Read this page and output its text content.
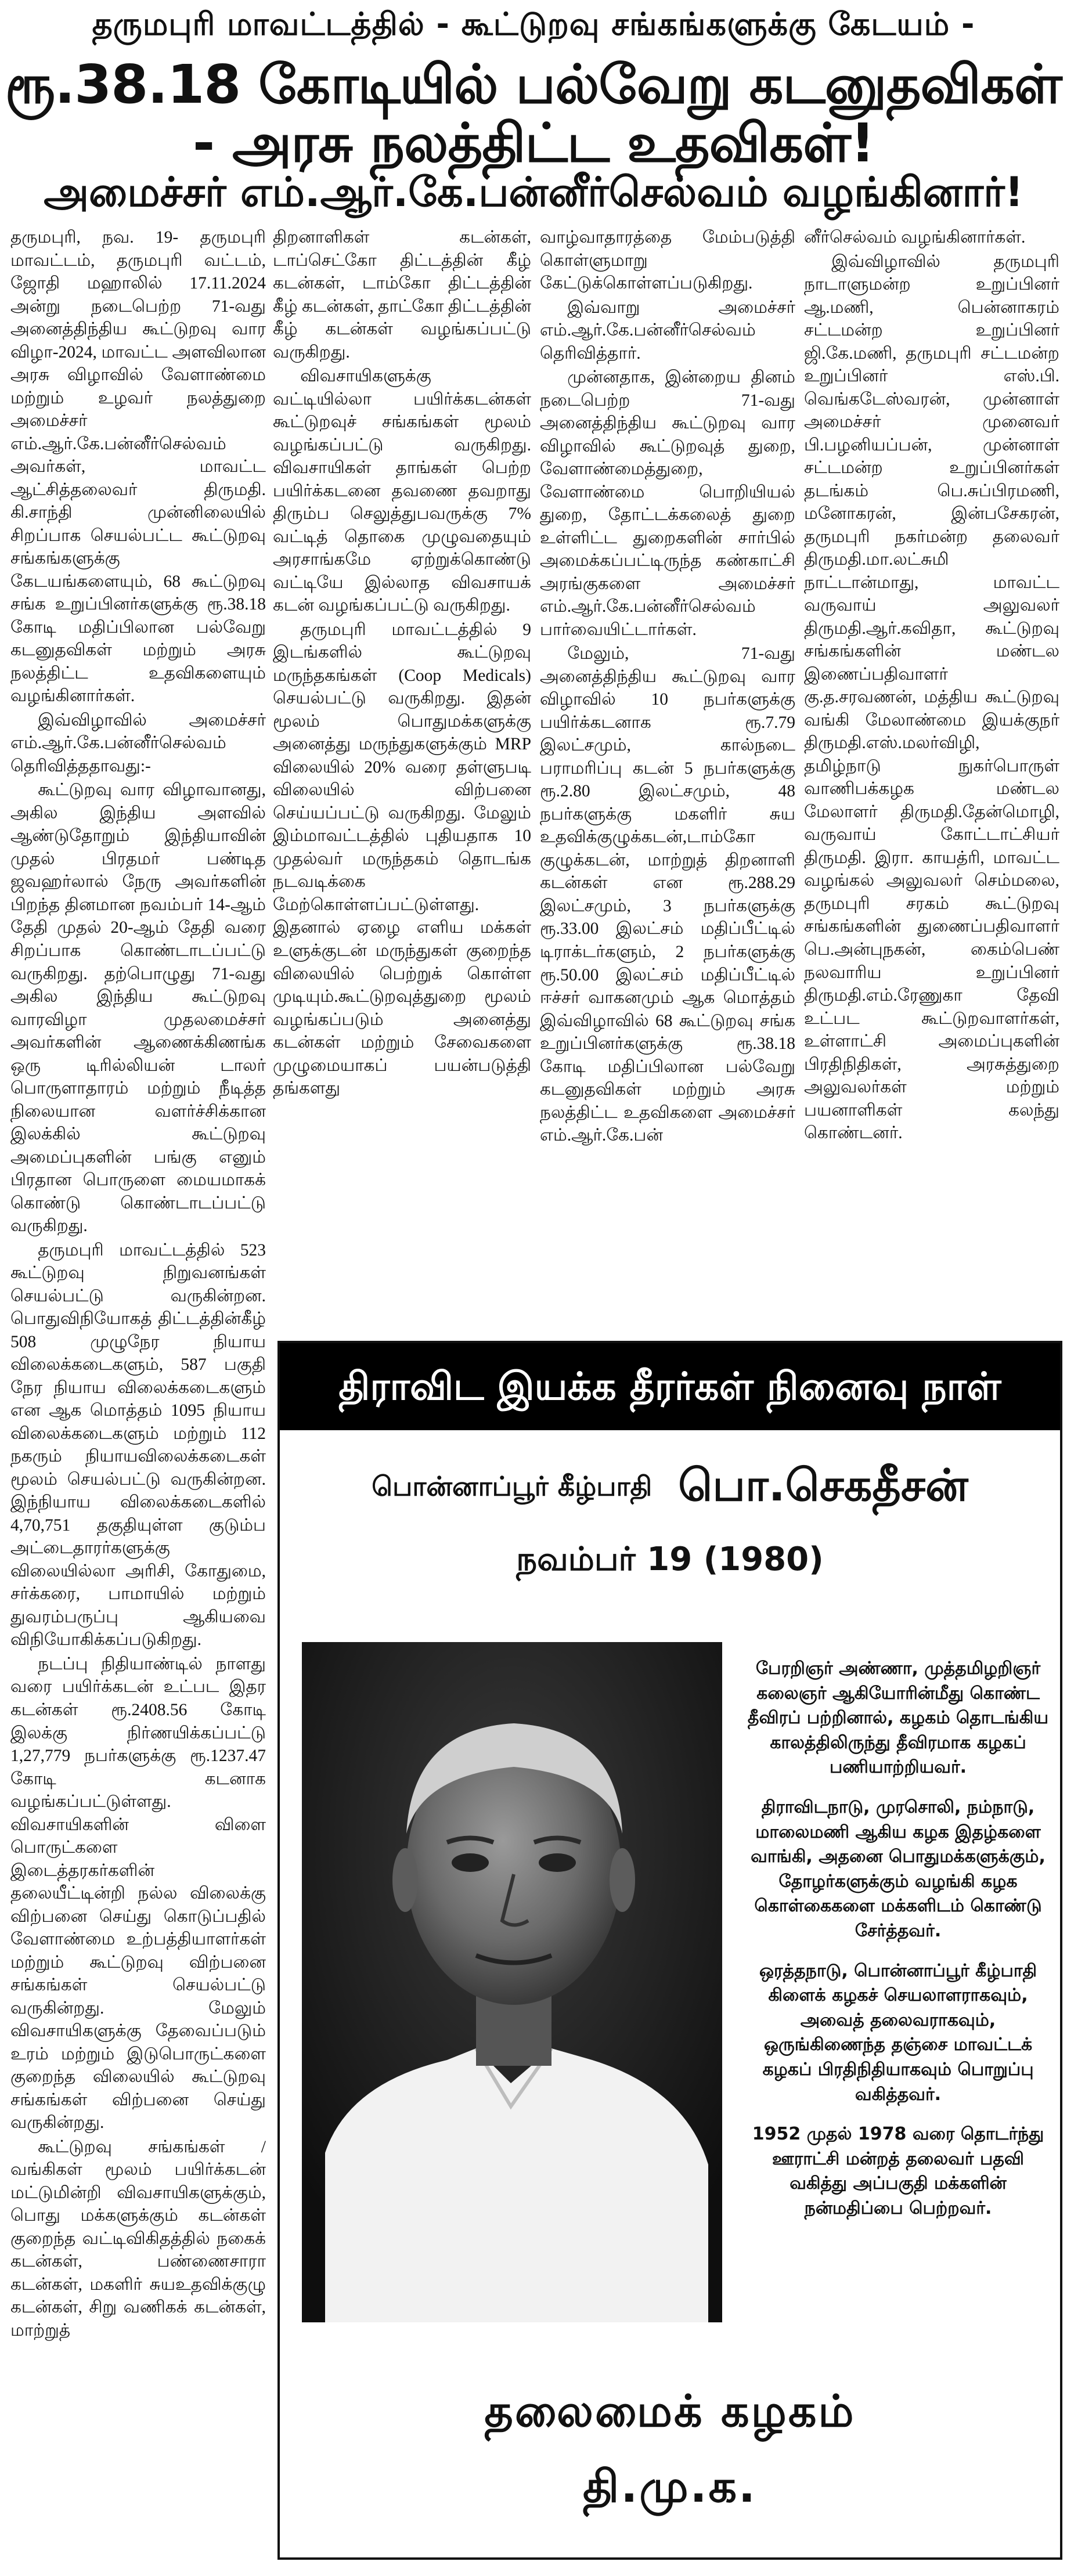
தருமபுரி மாவட்டத்தில் - கூட்டுறவு சங்கங்களுக்கு கேடயம் -
ரூ.38.18 கோடியில் பல்வேறு கடனுதவிகள் - அரசு நலத்திட்ட உதவிகள்!
அமைச்சர் எம்.ஆர்.கே.பன்னீர்செல்வம் வழங்கினார்!

தருமபுரி, நவ. 19- தருமபுரி மாவட்டம், தருமபுரி வட்டம், ஜோதி மஹாலில் 17.11.2024 அன்று நடைபெற்ற 71-வது அனைத்திந்திய கூட்டுறவு வார விழா-2024, மாவட்ட அளவிலான அரசு விழாவில் வேளாண்மை மற்றும் உழவர் நலத்துறை அமைச்சர் எம்.ஆர்.கே.பன்னீர்செல்வம் அவர்கள், மாவட்ட ஆட்சித்தலைவர் திருமதி. கி.சாந்தி முன்னிலையில் சிறப்பாக செயல்பட்ட கூட்டுறவு சங்கங்களுக்கு கேடயங்களையும், 68 கூட்டுறவு சங்க உறுப்பினர்களுக்கு ரூ.38.18 கோடி மதிப்பிலான பல்வேறு கடனுதவிகள் மற்றும் அரசு நலத்திட்ட உதவிகளையும் வழங்கினார்கள்.

இவ்விழாவில் அமைச்சர் எம்.ஆர்.கே.பன்னீர்செல்வம் தெரிவித்ததாவது:-

கூட்டுறவு வார விழாவானது, அகில இந்திய அளவில் ஆண்டுதோறும் இந்தியாவின் முதல் பிரதமர் பண்டித ஜவஹர்லால் நேரு அவர்களின் பிறந்த தினமான நவம்பர் 14-ஆம் தேதி முதல் 20-ஆம் தேதி வரை சிறப்பாக கொண்டாடப்பட்டு வருகிறது. தற்பொழுது 71-வது அகில இந்திய கூட்டுறவு வாரவிழா முதலமைச்சர் அவர்களின் ஆணைக்கிணங்க ஒரு டிரில்லியன் டாலர் பொருளாதாரம் மற்றும் நீடித்த நிலையான வளர்ச்சிக்கான இலக்கில் கூட்டுறவு அமைப்புகளின் பங்கு எனும் பிரதான பொருளை மையமாகக் கொண்டு கொண்டாடப்பட்டு வருகிறது.

தருமபுரி மாவட்டத்தில் 523 கூட்டுறவு நிறுவனங்கள் செயல்பட்டு வருகின்றன. பொதுவிநியோகத் திட்டத்தின்கீழ் 508 முழுநேர நியாய விலைக்கடைகளும், 587 பகுதி நேர நியாய விலைக்கடைகளும் என ஆக மொத்தம் 1095 நியாய விலைக்கடைகளும் மற்றும் 112 நகரும் நியாயவிலைக்கடைகள் மூலம் செயல்பட்டு வருகின்றன. இந்நியாய விலைக்கடைகளில் 4,70,751 தகுதியுள்ள குடும்ப அட்டைதாரர்களுக்கு விலையில்லா அரிசி, கோதுமை, சர்க்கரை, பாமாயில் மற்றும் துவரம்பருப்பு ஆகியவை விநியோகிக்கப்படுகிறது.

நடப்பு நிதியாண்டில் நாளது வரை பயிர்க்கடன் உட்பட இதர கடன்கள் ரூ.2408.56 கோடி இலக்கு நிர்ணயிக்கப்பட்டு 1,27,779 நபர்களுக்கு ரூ.1237.47 கோடி கடனாக வழங்கப்பட்டுள்ளது. விவசாயிகளின் விளை பொருட்களை இடைத்தரகர்களின் தலையீட்டின்றி நல்ல விலைக்கு விற்பனை செய்து கொடுப்பதில் வேளாண்மை உற்பத்தியாளர்கள் மற்றும் கூட்டுறவு விற்பனை சங்கங்கள் செயல்பட்டு வருகின்றது. மேலும் விவசாயிகளுக்கு தேவைப்படும் உரம் மற்றும் இடுபொருட்களை குறைந்த விலையில் கூட்டுறவு சங்கங்கள் விற்பனை செய்து வருகின்றது.

கூட்டுறவு சங்கங்கள் / வங்கிகள் மூலம் பயிர்க்கடன் மட்டுமின்றி விவசாயிகளுக்கும், பொது மக்களுக்கும் கடன்கள் குறைந்த வட்டிவிகிதத்தில் நகைக் கடன்கள், பண்ணைசாரா கடன்கள், மகளிர் சுயஉதவிக்குழு கடன்கள், சிறு வணிகக் கடன்கள், மாற்றுத்

திறனாளிகள் கடன்கள், டாப்செட்கோ திட்டத்தின் கீழ் கடன்கள், டாம்கோ திட்டத்தின் கீழ் கடன்கள், தாட்கோ திட்டத்தின் கீழ் கடன்கள் வழங்கப்பட்டு வருகிறது.

விவசாயிகளுக்கு வட்டியில்லா பயிர்க்கடன்கள் கூட்டுறவுச் சங்கங்கள் மூலம் வழங்கப்பட்டு வருகிறது. விவசாயிகள் தாங்கள் பெற்ற பயிர்க்கடனை தவணை தவறாது திரும்ப செலுத்துபவருக்கு 7% வட்டித் தொகை முழுவதையும் அரசாங்கமே ஏற்றுக்கொண்டு வட்டியே இல்லாத விவசாயக் கடன் வழங்கப்பட்டு வருகிறது.

தருமபுரி மாவட்டத்தில் 9 இடங்களில் கூட்டுறவு மருந்தகங்கள் (Coop Medicals) செயல்பட்டு வருகிறது. இதன் மூலம் பொதுமக்களுக்கு அனைத்து மருந்துகளுக்கும் MRP விலையில் 20% வரை தள்ளுபடி விலையில் விற்பனை செய்யப்பட்டு வருகிறது. மேலும் இம்மாவட்டத்தில் புதியதாக 10 முதல்வர் மருந்தகம் தொடங்க நடவடிக்கை மேற்கொள்ளப்பட்டுள்ளது. இதனால் ஏழை எளிய மக்கள் உளுக்குடன் மருந்துகள் குறைந்த விலையில் பெற்றுக் கொள்ள முடியும்.கூட்டுறவுத்துறை மூலம் வழங்கப்படும் அனைத்து கடன்கள் மற்றும் சேவைகளை முழுமையாகப் பயன்படுத்தி தங்களது

வாழ்வாதாரத்தை மேம்படுத்தி கொள்ளுமாறு கேட்டுக்கொள்ளப்படுகிறது.

இவ்வாறு அமைச்சர் எம்.ஆர்.கே.பன்னீர்செல்வம் தெரிவித்தார்.

முன்னதாக, இன்றைய தினம் நடைபெற்ற 71-வது அனைத்திந்திய கூட்டுறவு வார விழாவில் கூட்டுறவுத் துறை, வேளாண்மைத்துறை, வேளாண்மை பொறியியல் துறை, தோட்டக்கலைத் துறை உள்ளிட்ட துறைகளின் சார்பில் அமைக்கப்பட்டிருந்த கண்காட்சி அரங்குகளை அமைச்சர் எம்.ஆர்.கே.பன்னீர்செல்வம் பார்வையிட்டார்கள்.

மேலும், 71-வது அனைத்திந்திய கூட்டுறவு வார விழாவில் 10 நபர்களுக்கு பயிர்க்கடனாக ரூ.7.79 இலட்சமும், கால்நடை பராமரிப்பு கடன் 5 நபர்களுக்கு ரூ.2.80 இலட்சமும், 48 நபர்களுக்கு மகளிர் சுய உதவிக்குழுக்கடன்,டாம்கோ குழுக்கடன், மாற்றுத் திறனாளி கடன்கள் என ரூ.288.29 இலட்சமும், 3 நபர்களுக்கு ரூ.33.00 இலட்சம் மதிப்பீட்டில் டிராக்டர்களும், 2 நபர்களுக்கு ரூ.50.00 இலட்சம் மதிப்பீட்டில் ஈச்சர் வாகனமும் ஆக மொத்தம் இவ்விழாவில் 68 கூட்டுறவு சங்க உறுப்பினர்களுக்கு ரூ.38.18 கோடி மதிப்பிலான பல்வேறு கடனுதவிகள் மற்றும் அரசு நலத்திட்ட உதவிகளை அமைச்சர் எம்.ஆர்.கே.பன்

னீர்செல்வம் வழங்கினார்கள்.

இவ்விழாவில் தருமபுரி நாடாளுமன்ற உறுப்பினர் ஆ.மணி, பென்னாகரம் சட்டமன்ற உறுப்பினர் ஜி.கே.மணி, தருமபுரி சட்டமன்ற உறுப்பினர் எஸ்.பி. வெங்கடேஸ்வரன், முன்னாள் அமைச்சர் முனைவர் பி.பழனியப்பன், முன்னாள் சட்டமன்ற உறுப்பினர்கள் தடங்கம் பெ.சுப்பிரமணி, மனோகரன், இன்பசேகரன், தருமபுரி நகர்மன்ற தலைவர் திருமதி.மா.லட்சுமி நாட்டான்மாது, மாவட்ட வருவாய் அலுவலர் திருமதி.ஆர்.கவிதா, கூட்டுறவு சங்கங்களின் மண்டல இணைப்பதிவாளர் கு.த.சரவணன், மத்திய கூட்டுறவு வங்கி மேலாண்மை இயக்குநர் திருமதி.எஸ்.மலர்விழி, தமிழ்நாடு நுகர்பொருள் வாணிபக்கழக மண்டல மேலாளர் திருமதி.தேன்மொழி, வருவாய் கோட்டாட்சியர் திருமதி. இரா. காயத்ரி, மாவட்ட வழங்கல் அலுவலர் செம்மலை, தருமபுரி சரகம் கூட்டுறவு சங்கங்களின் துணைப்பதிவாளர் பெ.அன்புநகன், கைம்பெண் நலவாரிய உறுப்பினர் திருமதி.எம்.ரேணுகா தேவி உட்பட கூட்டுறவாளர்கள், உள்ளாட்சி அமைப்புகளின் பிரதிநிதிகள், அரசுத்துறை அலுவலர்கள் மற்றும் பயனாளிகள் கலந்து கொண்டனர்.

திராவிட இயக்க தீரர்கள் நினைவு நாள்
பொன்னாப்பூர் கீழ்பாதி பொ.செகதீசன்
நவம்பர் 19 (1980)

பேரறிஞர் அண்ணா, முத்தமிழறிஞர் கலைஞர் ஆகியோரின்மீது கொண்ட தீவிரப் பற்றினால், கழகம் தொடங்கிய காலத்திலிருந்து தீவிரமாக கழகப் பணியாற்றியவர்.

திராவிடநாடு, முரசொலி, நம்நாடு, மாலைமணி ஆகிய கழக இதழ்களை வாங்கி, அதனை பொதுமக்களுக்கும், தோழர்களுக்கும் வழங்கி கழக கொள்கைகளை மக்களிடம் கொண்டு சேர்த்தவர்.

ஒரத்தநாடு, பொன்னாப்பூர் கீழ்பாதி கிளைக் கழகச் செயலாளராகவும், அவைத் தலைவராகவும், ஒருங்கிணைந்த தஞ்சை மாவட்டக் கழகப் பிரதிநிதியாகவும் பொறுப்பு வகித்தவர்.

1952 முதல் 1978 வரை தொடர்ந்து ஊராட்சி மன்றத் தலைவர் பதவி வகித்து அப்பகுதி மக்களின் நன்மதிப்பை பெற்றவர்.

தலைமைக் கழகம்
தி.மு.க.
